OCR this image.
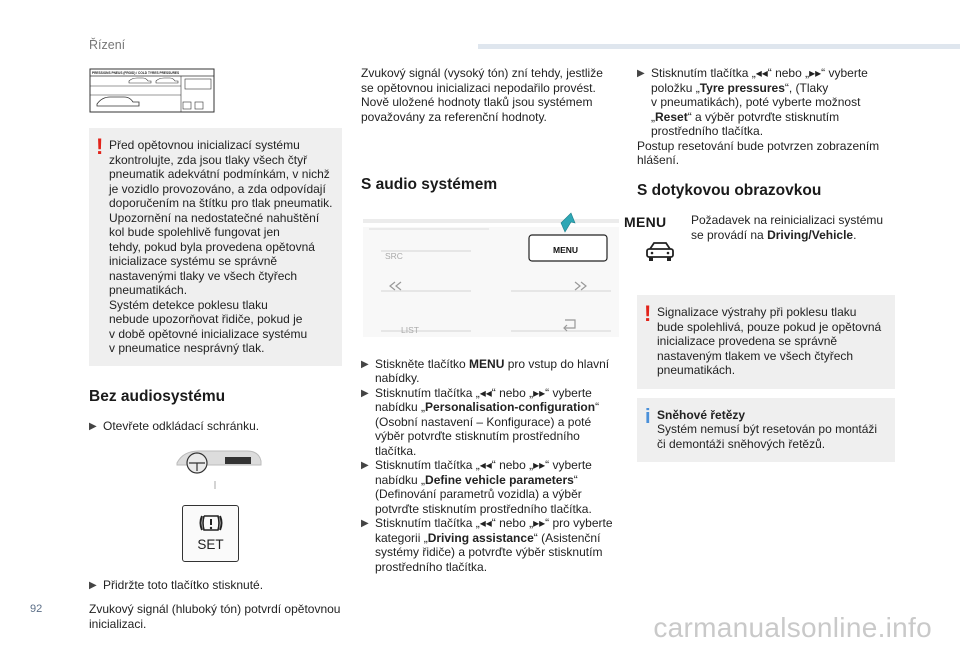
Řízení
PRESSIONS PNEUS (FROID) / COLD TYRES PRESSURES
! Před opětovnou inicializací systému
zkontrolujte, zda jsou tlaky všech čtyř
pneumatik adekvátní podmínkám, v nichž
je vozidlo provozováno, a zda odpovídají
doporučením na štítku pro tlak pneumatik.
Upozornění na nedostatečné nahuštění
kol bude spolehlivě fungovat jen
tehdy, pokud byla provedena opětovná
inicializace systému se správně
nastavenými tlaky ve všech čtyřech
pneumatikách.
Systém detekce poklesu tlaku
nebude upozorňovat řidiče, pokud je
v době opětovné inicializace systému
v pneumatice nesprávný tlak.
Bez audiosystému
▶ Otevřete odkládací schránku.
SET
▶ Přidržte toto tlačítko stisknuté.
Zvukový signál (hluboký tón) potvrdí opětovnou
inicializaci.
Zvukový signál (vysoký tón) zní tehdy, jestliže
se opětovnou inicializaci nepodařilo provést.
Nově uložené hodnoty tlaků jsou systémem
považovány za referenční hodnoty.
S audio systémem
SRC
MENU
LIST
▶ Stiskněte tlačítko MENU pro vstup do hlavní
nabídky.
▶ Stisknutím tlačítka „◂◂“ nebo „▸▸“ vyberte
nabídku „Personalisation-configuration“
(Osobní nastavení – Konfigurace) a poté
výběr potvrďte stisknutím prostředního
tlačítka.
▶ Stisknutím tlačítka „◂◂“ nebo „▸▸“ vyberte
nabídku „Define vehicle parameters“
(Definování parametrů vozidla) a výběr
potvrďte stisknutím prostředního tlačítka.
▶ Stisknutím tlačítka „◂◂“ nebo „▸▸“ pro vyberte
kategorii „Driving assistance“ (Asistenční
systémy řidiče) a potvrďte výběr stisknutím
prostředního tlačítka.
▶ Stisknutím tlačítka „◂◂“ nebo „▸▸“ vyberte
položku „Tyre pressures“, (Tlaky
v pneumatikách), poté vyberte možnost
„Reset“ a výběr potvrďte stisknutím
prostředního tlačítka.
Postup resetování bude potvrzen zobrazením
hlášení.
S dotykovou obrazovkou
MENU Požadavek na reinicializaci systému
se provádí na Driving/Vehicle.
! Signalizace výstrahy při poklesu tlaku
bude spolehlivá, pouze pokud je opětovná
inicializace provedena se správně
nastaveným tlakem ve všech čtyřech
pneumatikách.
i Sněhové řetězy
Systém nemusí být resetován po montáži
či demontáži sněhových řetězů.
92
carmanualsonline.info
